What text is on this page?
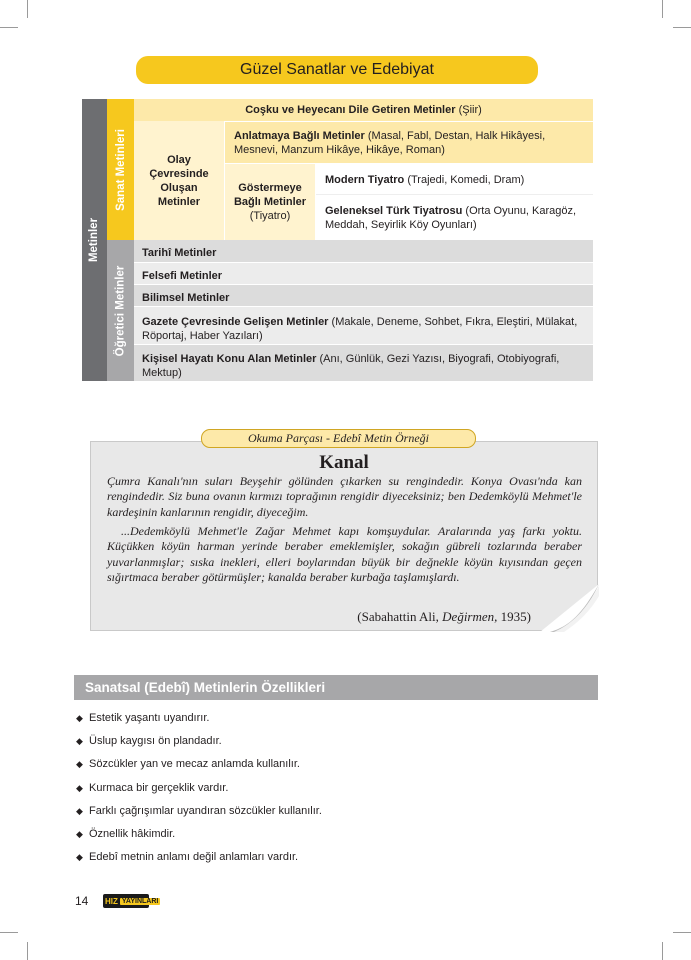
Güzel Sanatlar ve Edebiyat
Metinler
Sanat Metinleri
Öğretici Metinler
Coşku ve Heyecanı Dile Getiren Metinler (Şiir)
Olay Çevresinde Oluşan Metinler
Anlatmaya Bağlı Metinler (Masal, Fabl, Destan, Halk Hikâyesi, Mesnevi, Manzum Hikâye, Hikâye, Roman)
Göstermeye Bağlı Metinler
(Tiyatro)
Modern Tiyatro (Trajedi, Komedi, Dram)
Geleneksel Türk Tiyatrosu (Orta Oyunu, Karagöz, Meddah, Seyirlik Köy Oyunları)
Tarihî Metinler
Felsefi Metinler
Bilimsel Metinler
Gazete Çevresinde Gelişen Metinler (Makale, Deneme, Sohbet, Fıkra, Eleştiri, Mülakat, Röportaj, Haber Yazıları)
Kişisel Hayatı Konu Alan Metinler (Anı, Günlük, Gezi Yazısı, Biyografi, Otobiyografi, Mektup)
Okuma Parçası - Edebî Metin Örneği
Kanal
Çumra Kanalı'nın suları Beyşehir gölünden çıkarken su rengindedir. Konya Ovası'nda kan rengindedir. Siz buna ovanın kırmızı toprağının rengidir diyeceksiniz; ben Dedemköylü Mehmet'le kardeşinin kanlarının rengidir, diyeceğim.
...Dedemköylü Mehmet'le Zağar Mehmet kapı komşuydular. Aralarında yaş farkı yoktu. Küçükken köyün harman yerinde beraber emeklemişler, sokağın gübreli tozlarında beraber yuvarlanmışlar; sıska inekleri, elleri boylarından büyük bir değnekle köyün kıyısından geçen sığırtmaca beraber götürmüşler; kanalda beraber kurbağa taşlamışlardı.
(Sabahattin Ali, Değirmen, 1935)
Sanatsal (Edebî) Metinlerin Özellikleri
◆ Estetik yaşantı uyandırır.
◆ Üslup kaygısı ön plandadır.
◆ Sözcükler yan ve mecaz anlamda kullanılır.
◆ Kurmaca bir gerçeklik vardır.
◆ Farklı çağrışımlar uyandıran sözcükler kullanılır.
◆ Öznellik hâkimdir.
◆ Edebî metnin anlamı değil anlamları vardır.
14 HIZ YAYINLARI
